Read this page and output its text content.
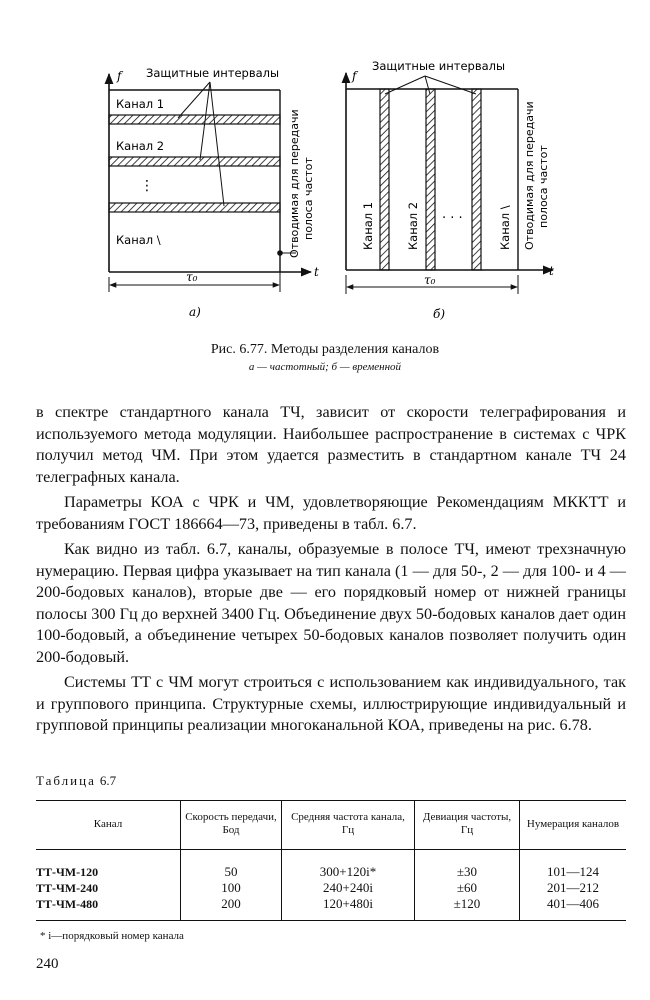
Защитные интервалы
f
t
Канал 1
Канал 2
Канал \
⋮	Отводимая для передачи полоса частот
τ₀
а)
Защитные интервалы
f
t
Канал 1	Канал 2	Канал \
· · ·	Отводимая для передачи полоса частот
τ₀
б)
Рис. 6.77. Методы разделения каналов
а — частотный; б — временной

в спектре стандартного канала ТЧ, зависит от скорости телеграфирования и используемого метода модуляции. Наибольшее распространение в системах с ЧРК получил метод ЧМ. При этом удается разместить в стандартном канале ТЧ 24 телеграфных канала.

Параметры КОА с ЧРК и ЧМ, удовлетворяющие Рекомендациям МККТТ и требованиям ГОСТ 186664—73, приведены в табл. 6.7.

Как видно из табл. 6.7, каналы, образуемые в полосе ТЧ, имеют трехзначную нумерацию. Первая цифра указывает на тип канала (1 — для 50-, 2 — для 100- и 4 — 200-бодовых каналов), вторые две — его порядковый номер от нижней границы полосы 300 Гц до верхней 3400 Гц. Объединение двух 50-бодовых каналов дает один 100-бодовый, а объединение четырех 50-бодовых каналов позволяет получить один 200-бодовый.

Системы ТТ с ЧМ могут строиться с использованием как индивидуального, так и группового принципа. Структурные схемы, иллюстрирующие индивидуальный и групповой принципы реализации многоканальной КОА, приведены на рис. 6.78.

Таблица 6.7
Канал	Скорость передачи, Бод	Средняя частота канала, Гц	Девиация частоты, Гц	Нумерация каналов
ТТ-ЧМ-120	50	300+120i*	±30	101—124
ТТ-ЧМ-240	100	240+240i	±60	201—212
ТТ-ЧМ-480	200	120+480i	±120	401—406
* i—порядковый номер канала
240
